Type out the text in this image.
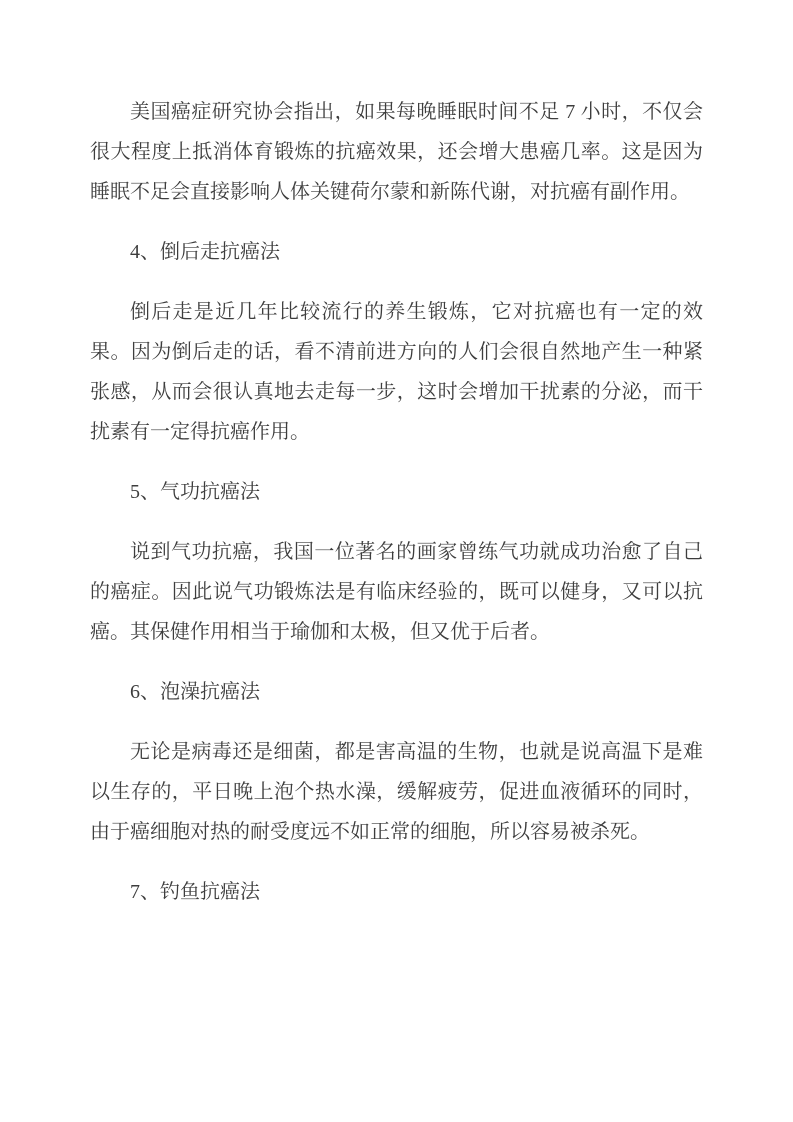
美国癌症研究协会指出，如果每晚睡眠时间不足 7 小时，不仅会很大程度上抵消体育锻炼的抗癌效果，还会增大患癌几率。这是因为睡眠不足会直接影响人体关键荷尔蒙和新陈代谢，对抗癌有副作用。

4、倒后走抗癌法

倒后走是近几年比较流行的养生锻炼，它对抗癌也有一定的效果。因为倒后走的话，看不清前进方向的人们会很自然地产生一种紧张感，从而会很认真地去走每一步，这时会增加干扰素的分泌，而干扰素有一定得抗癌作用。

5、气功抗癌法

说到气功抗癌，我国一位著名的画家曾练气功就成功治愈了自己的癌症。因此说气功锻炼法是有临床经验的，既可以健身，又可以抗癌。其保健作用相当于瑜伽和太极，但又优于后者。

6、泡澡抗癌法

无论是病毒还是细菌，都是害高温的生物，也就是说高温下是难以生存的，平日晚上泡个热水澡，缓解疲劳，促进血液循环的同时，由于癌细胞对热的耐受度远不如正常的细胞，所以容易被杀死。

7、钓鱼抗癌法
